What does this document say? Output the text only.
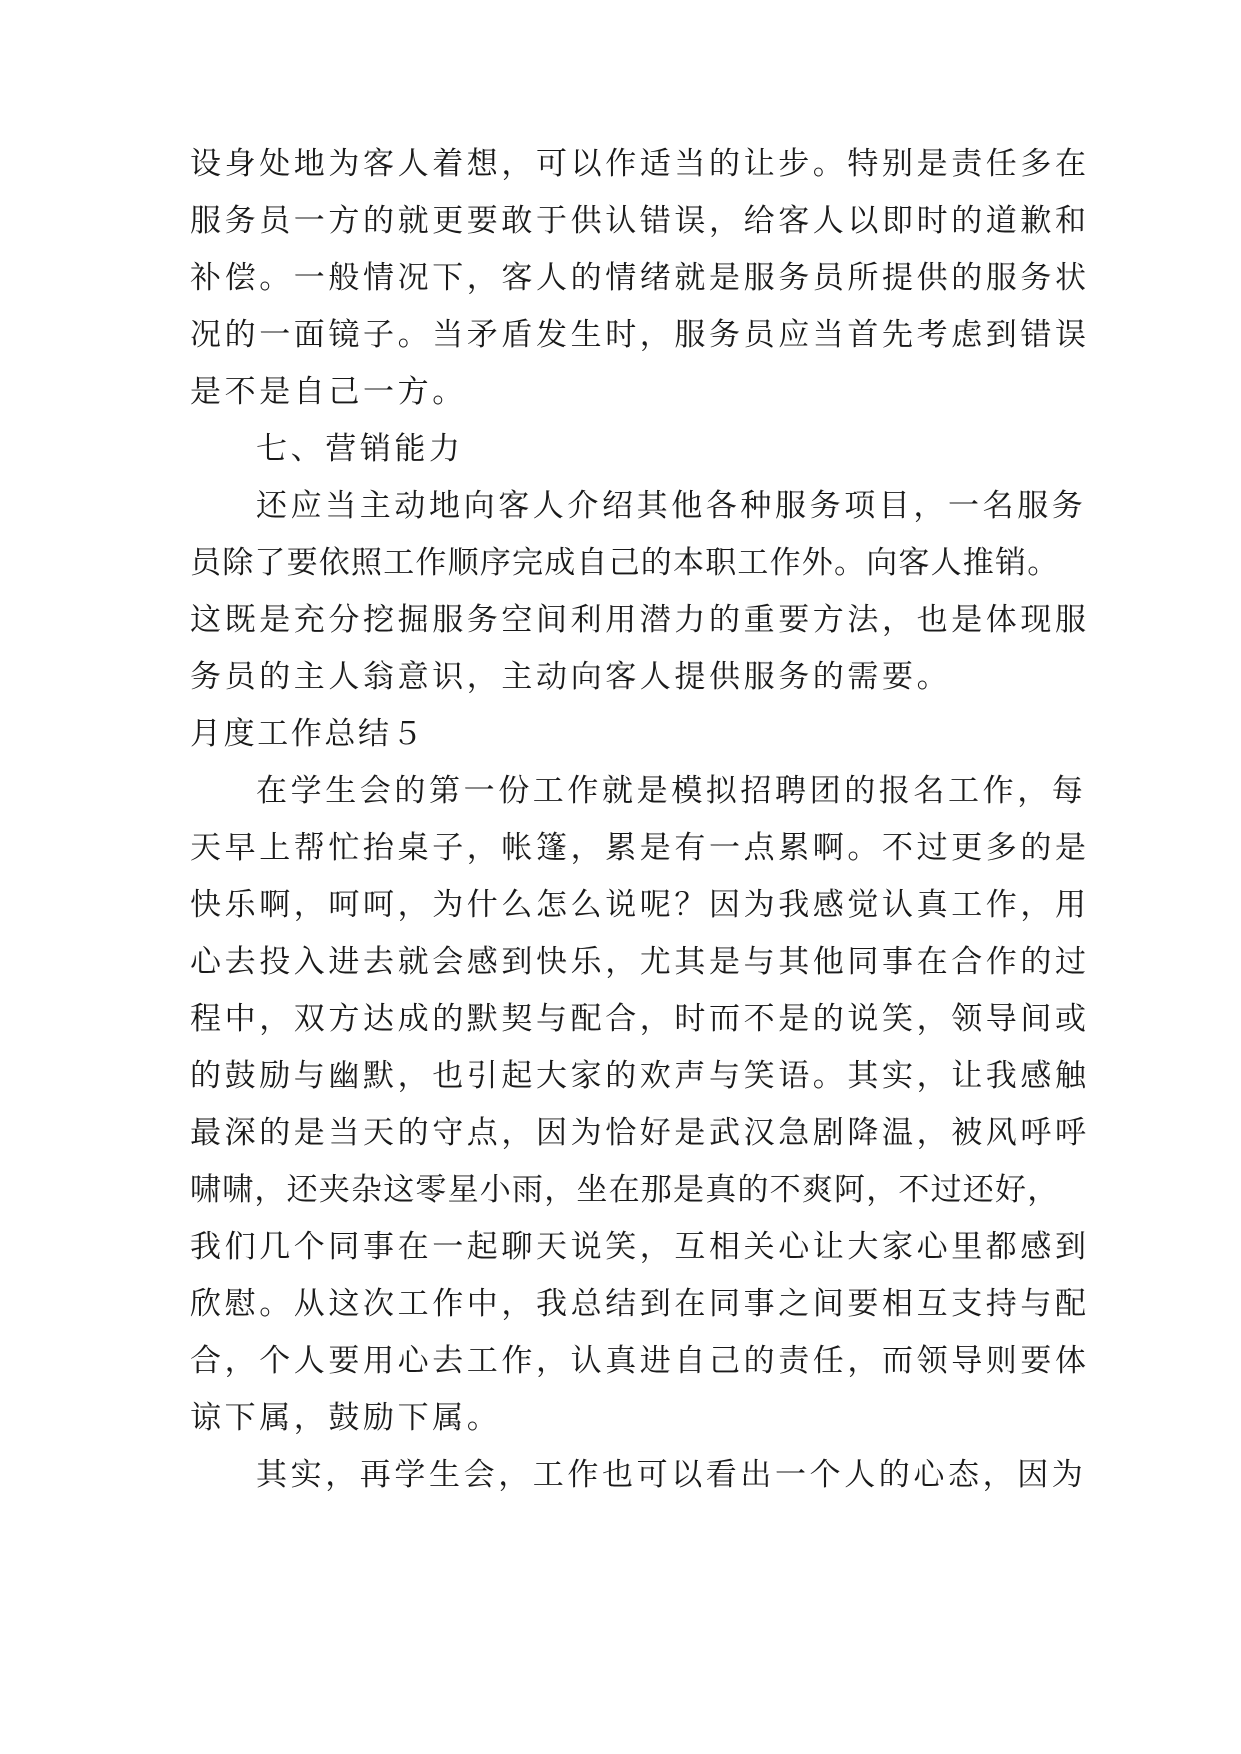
设身处地为客人着想，可以作适当的让步。特别是责任多在
服务员一方的就更要敢于供认错误，给客人以即时的道歉和
补偿。一般情况下，客人的情绪就是服务员所提供的服务状
况的一面镜子。当矛盾发生时，服务员应当首先考虑到错误
是不是自己一方。
七、营销能力
还应当主动地向客人介绍其他各种服务项目，一名服务
员除了要依照工作顺序完成自己的本职工作外。向客人推销。
这既是充分挖掘服务空间利用潜力的重要方法，也是体现服
务员的主人翁意识，主动向客人提供服务的需要。
月度工作总结５
在学生会的第一份工作就是模拟招聘团的报名工作，每
天早上帮忙抬桌子，帐篷，累是有一点累啊。不过更多的是
快乐啊，呵呵，为什么怎么说呢？因为我感觉认真工作，用
心去投入进去就会感到快乐，尤其是与其他同事在合作的过
程中，双方达成的默契与配合，时而不是的说笑，领导间或
的鼓励与幽默，也引起大家的欢声与笑语。其实，让我感触
最深的是当天的守点，因为恰好是武汉急剧降温，被风呼呼
啸啸，还夹杂这零星小雨，坐在那是真的不爽阿，不过还好，
我们几个同事在一起聊天说笑，互相关心让大家心里都感到
欣慰。从这次工作中，我总结到在同事之间要相互支持与配
合，个人要用心去工作，认真进自己的责任，而领导则要体
谅下属，鼓励下属。
其实，再学生会，工作也可以看出一个人的心态，因为
